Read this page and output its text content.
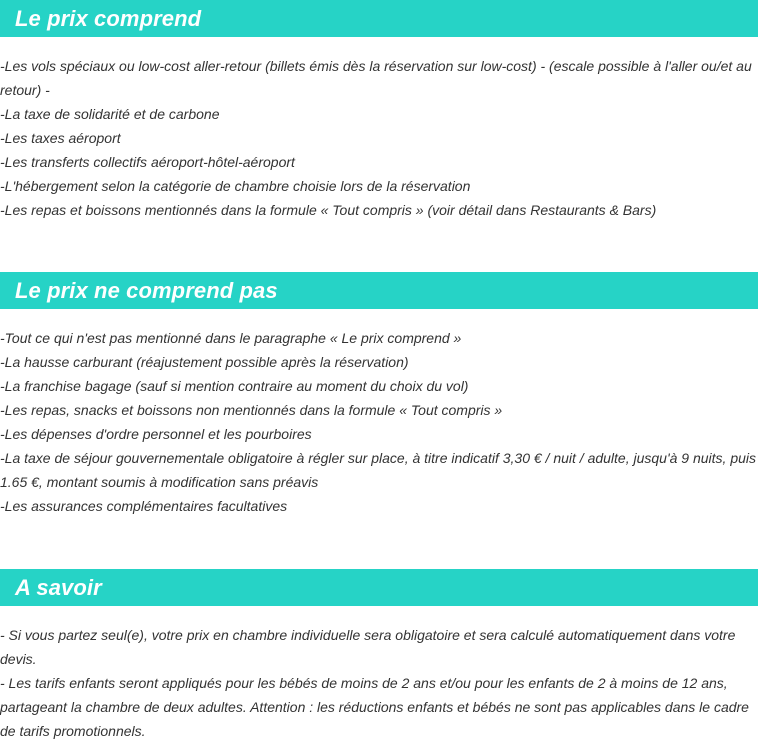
Le prix comprend

-Les vols spéciaux ou low-cost aller-retour (billets émis dès la réservation sur low-cost) - (escale possible à l'aller ou/et au retour) -

-La taxe de solidarité et de carbone

-Les taxes aéroport

-Les transferts collectifs aéroport-hôtel-aéroport

-L'hébergement selon la catégorie de chambre choisie lors de la réservation

-Les repas et boissons mentionnés dans la formule « Tout compris » (voir détail dans Restaurants & Bars)

Le prix ne comprend pas

-Tout ce qui n'est pas mentionné dans le paragraphe « Le prix comprend »

-La hausse carburant (réajustement possible après la réservation)

-La franchise bagage (sauf si mention contraire au moment du choix du vol)

-Les repas, snacks et boissons non mentionnés dans la formule « Tout compris »

-Les dépenses d'ordre personnel et les pourboires

-La taxe de séjour gouvernementale obligatoire à régler sur place, à titre indicatif 3,30 € / nuit / adulte, jusqu'à 9 nuits, puis 1.65 €, montant soumis à modification sans préavis

-Les assurances complémentaires facultatives

A savoir

- Si vous partez seul(e), votre prix en chambre individuelle sera obligatoire et sera calculé automatiquement dans votre devis.

- Les tarifs enfants seront appliqués pour les bébés de moins de 2 ans et/ou pour les enfants de 2 à moins de 12 ans, partageant la chambre de deux adultes. Attention : les réductions enfants et bébés ne sont pas applicables dans le cadre de tarifs promotionnels.
